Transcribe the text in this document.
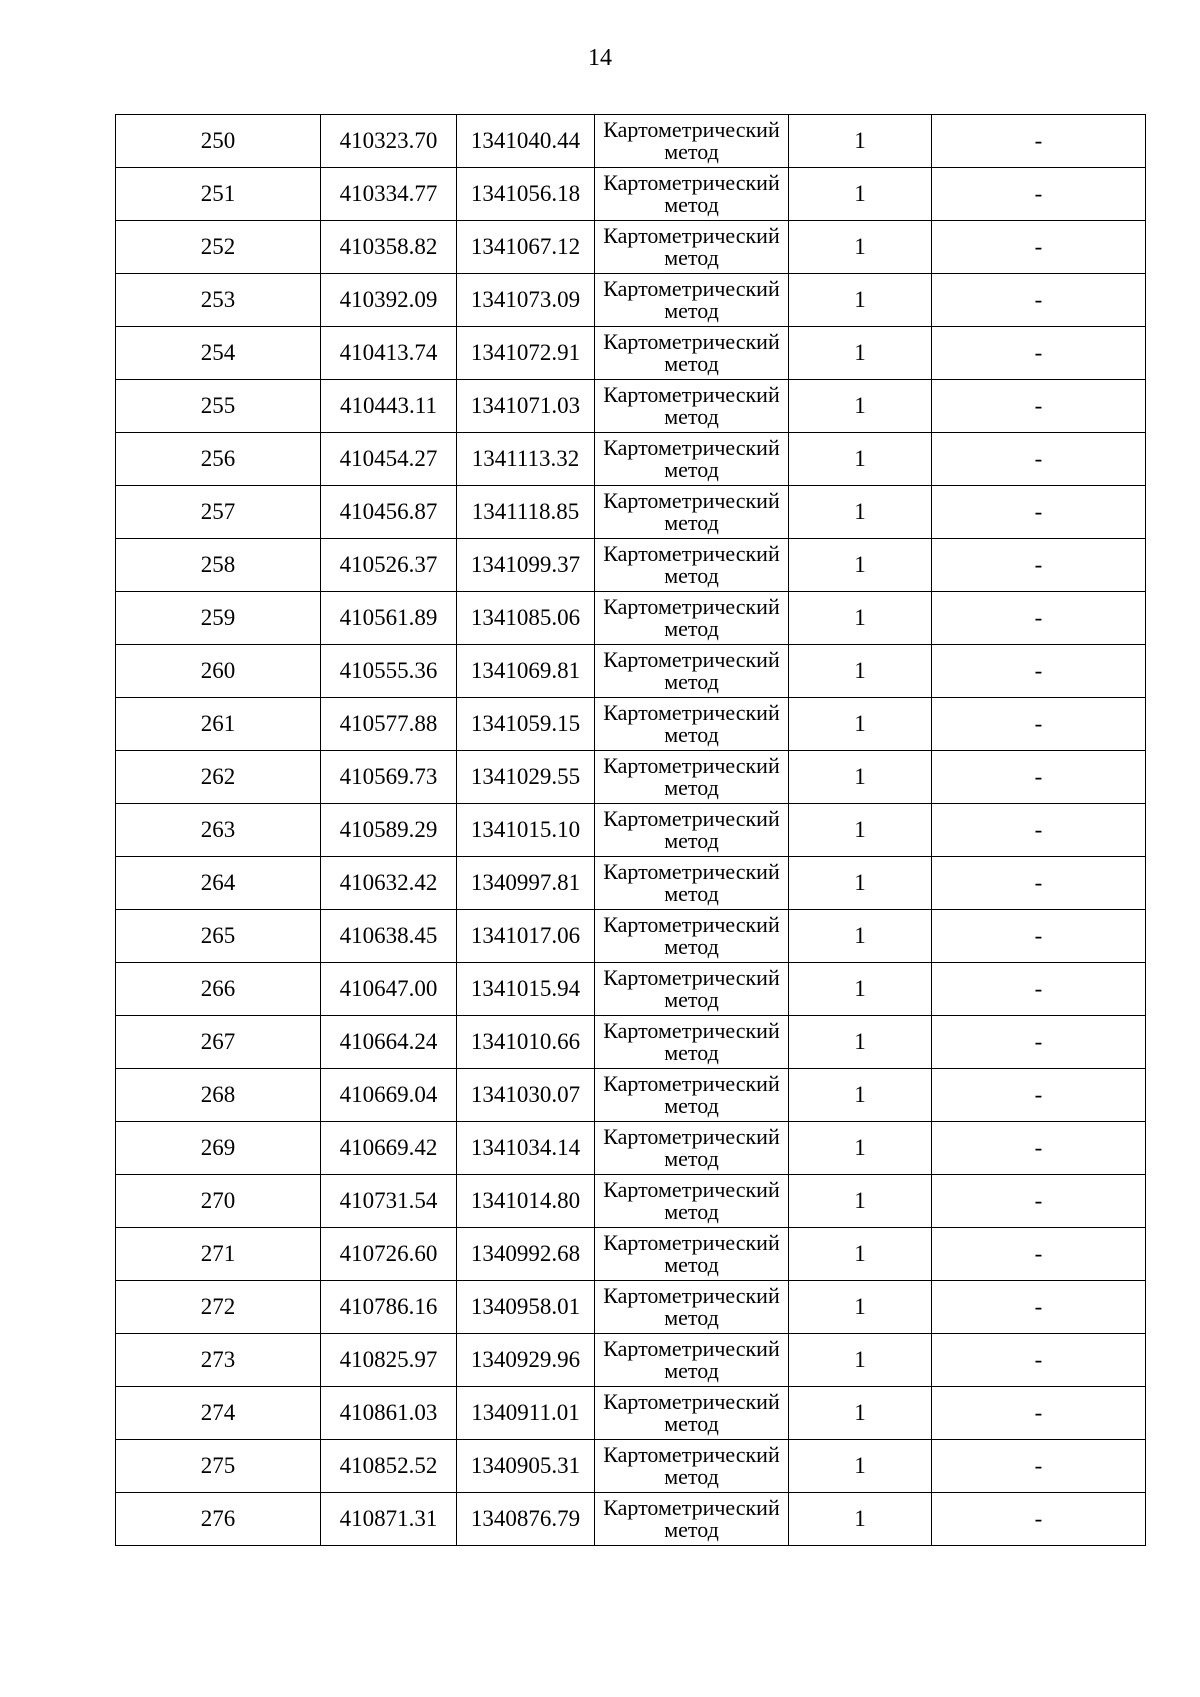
14
250	410323.70	1341040.44	Картометрический
метод	1	-
251	410334.77	1341056.18	Картометрический
метод	1	-
252	410358.82	1341067.12	Картометрический
метод	1	-
253	410392.09	1341073.09	Картометрический
метод	1	-
254	410413.74	1341072.91	Картометрический
метод	1	-
255	410443.11	1341071.03	Картометрический
метод	1	-
256	410454.27	1341113.32	Картометрический
метод	1	-
257	410456.87	1341118.85	Картометрический
метод	1	-
258	410526.37	1341099.37	Картометрический
метод	1	-
259	410561.89	1341085.06	Картометрический
метод	1	-
260	410555.36	1341069.81	Картометрический
метод	1	-
261	410577.88	1341059.15	Картометрический
метод	1	-
262	410569.73	1341029.55	Картометрический
метод	1	-
263	410589.29	1341015.10	Картометрический
метод	1	-
264	410632.42	1340997.81	Картометрический
метод	1	-
265	410638.45	1341017.06	Картометрический
метод	1	-
266	410647.00	1341015.94	Картометрический
метод	1	-
267	410664.24	1341010.66	Картометрический
метод	1	-
268	410669.04	1341030.07	Картометрический
метод	1	-
269	410669.42	1341034.14	Картометрический
метод	1	-
270	410731.54	1341014.80	Картометрический
метод	1	-
271	410726.60	1340992.68	Картометрический
метод	1	-
272	410786.16	1340958.01	Картометрический
метод	1	-
273	410825.97	1340929.96	Картометрический
метод	1	-
274	410861.03	1340911.01	Картометрический
метод	1	-
275	410852.52	1340905.31	Картометрический
метод	1	-
276	410871.31	1340876.79	Картометрический
метод	1	-
